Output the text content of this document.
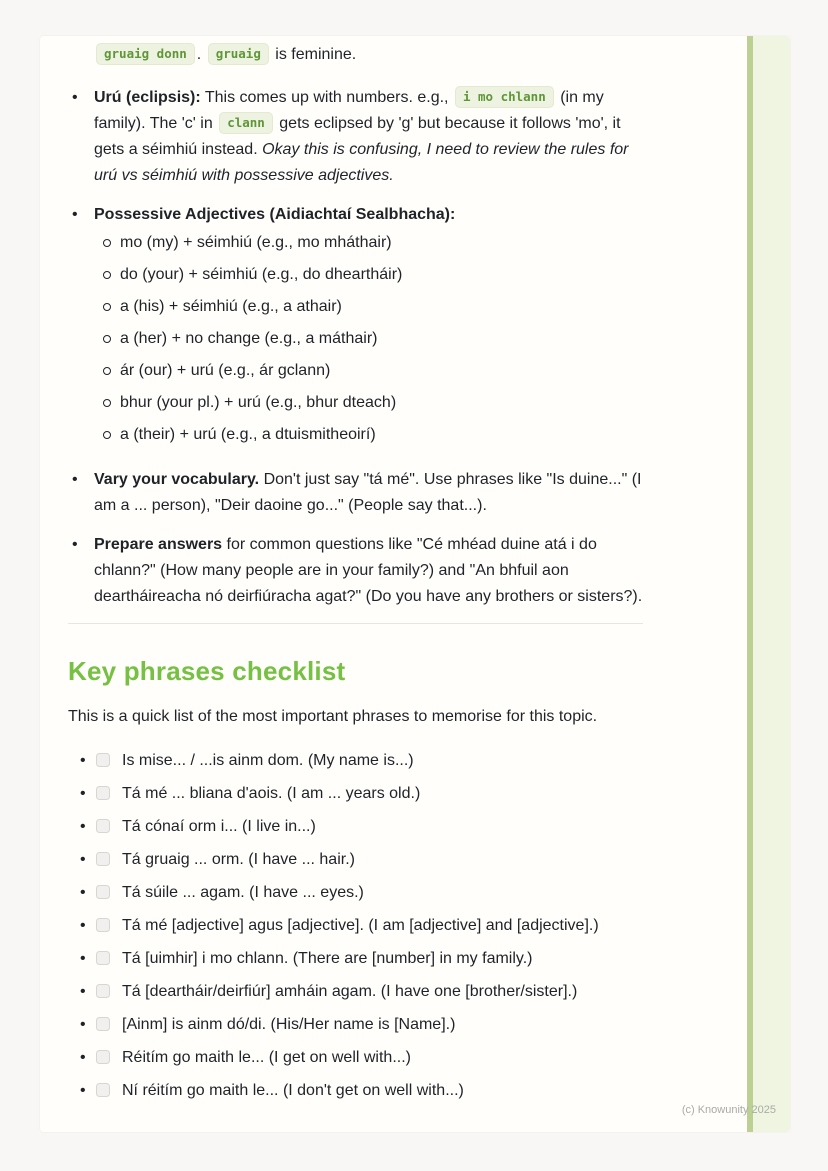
gruaig donn . gruaig is feminine.

•
Urú (eclipsis): This comes up with numbers. e.g., i mo chlann (in my family). The 'c' in clann gets eclipsed by 'g' but because it follows 'mo', it gets a séimhiú instead. Okay this is confusing, I need to review the rules for urú vs séimhiú with possessive adjectives.
•
Possessive Adjectives (Aidiachtaí Sealbhacha):
mo (my) + séimhiú (e.g., mo mháthair)
do (your) + séimhiú (e.g., do dheartháir)
a (his) + séimhiú (e.g., a athair)
a (her) + no change (e.g., a máthair)
ár (our) + urú (e.g., ár gclann)
bhur (your pl.) + urú (e.g., bhur dteach)
a (their) + urú (e.g., a dtuismitheoirí)
•
Vary your vocabulary. Don't just say "tá mé". Use phrases like "Is duine..." (I am a ... person), "Deir daoine go..." (People say that...).
•
Prepare answers for common questions like "Cé mhéad duine atá i do chlann?" (How many people are in your family?) and "An bhfuil aon deartháireacha nó deirfiúracha agat?" (Do you have any brothers or sisters?).
Key phrases checklist

This is a quick list of the most important phrases to memorise for this topic.

•
Is mise... / ...is ainm dom. (My name is...)
•
Tá mé ... bliana d'aois. (I am ... years old.)
•
Tá cónaí orm i... (I live in...)
•
Tá gruaig ... orm. (I have ... hair.)
•
Tá súile ... agam. (I have ... eyes.)
•
Tá mé [adjective] agus [adjective]. (I am [adjective] and [adjective].)
•
Tá [uimhir] i mo chlann. (There are [number] in my family.)
•
Tá [deartháir/deirfiúr] amháin agam. (I have one [brother/sister].)
•
[Ainm] is ainm dó/di. (His/Her name is [Name].)
•
Réitím go maith le... (I get on well with...)
•
Ní réitím go maith le... (I don't get on well with...)
(c) Knowunity 2025
